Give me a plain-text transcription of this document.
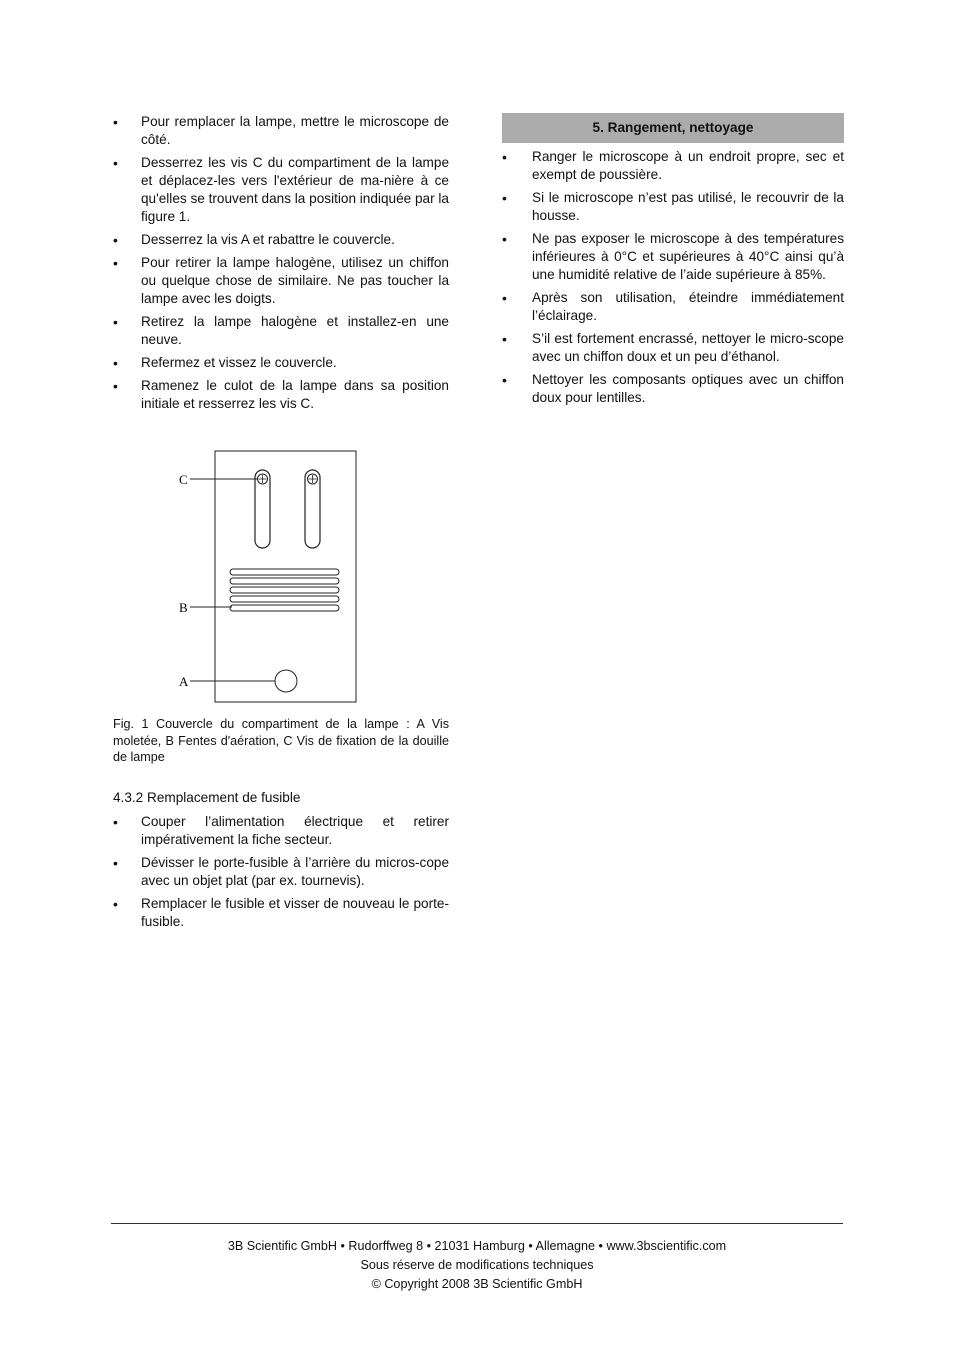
• Pour remplacer la lampe, mettre le microscope de côté.
• Desserrez les vis C du compartiment de la lampe et déplacez-les vers l'extérieur de ma-nière à ce qu'elles se trouvent dans la position indiquée par la figure 1.
• Desserrez la vis A et rabattre le couvercle.
• Pour retirer la lampe halogène, utilisez un chiffon ou quelque chose de similaire. Ne pas toucher la lampe avec les doigts.
• Retirez la lampe halogène et installez-en une neuve.
• Refermez et vissez le couvercle.
• Ramenez le culot de la lampe dans sa position initiale et resserrez les vis C.
C
B
A
Fig. 1 Couvercle du compartiment de la lampe : A Vis moletée, B Fentes d'aération, C Vis de fixation de la douille de lampe
4.3.2 Remplacement de fusible
• Couper l’alimentation électrique et retirer impérativement la fiche secteur.
• Dévisser le porte-fusible à l’arrière du micros-cope avec un objet plat (par ex. tournevis).
• Remplacer le fusible et visser de nouveau le porte-fusible.
5. Rangement, nettoyage
• Ranger le microscope à un endroit propre, sec et exempt de poussière.
• Si le microscope n’est pas utilisé, le recouvrir de la housse.
• Ne pas exposer le microscope à des températures inférieures à 0°C et supérieures à 40°C ainsi qu’à une humidité relative de l’aide supérieure à 85%.
• Après son utilisation, éteindre immédiatement l’éclairage.
• S’il est fortement encrassé, nettoyer le micro-scope avec un chiffon doux et un peu d’éthanol.
• Nettoyer les composants optiques avec un chiffon doux pour lentilles.
3B Scientific GmbH • Rudorffweg 8 • 21031 Hamburg • Allemagne • www.3bscientific.com
Sous réserve de modifications techniques
© Copyright 2008 3B Scientific GmbH
